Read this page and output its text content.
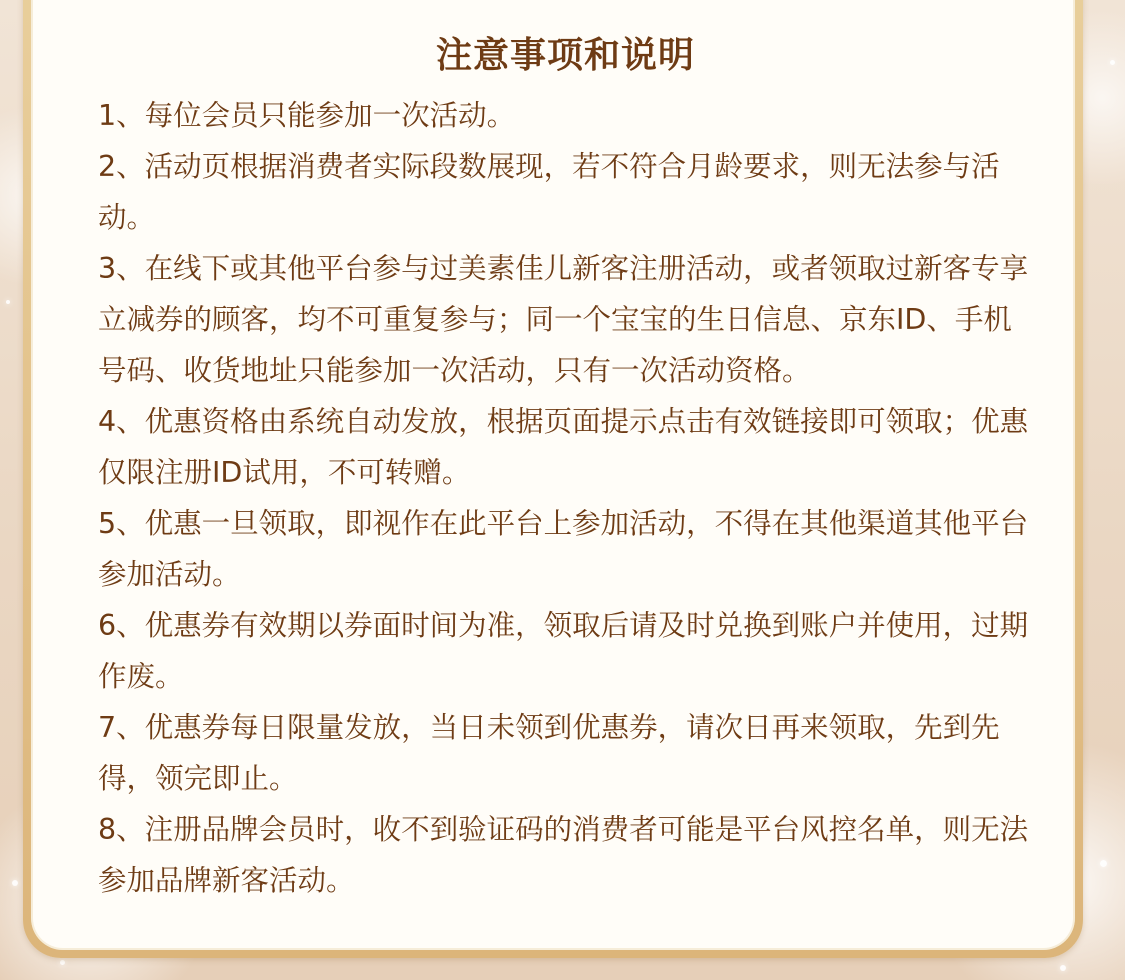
注意事项和说明
1、每位会员只能参加一次活动。
2、活动页根据消费者实际段数展现，若不符合月龄要求，则无法参与活动。
3、在线下或其他平台参与过美素佳儿新客注册活动，或者领取过新客专享立减券的顾客，均不可重复参与；同一个宝宝的生日信息、京东ID、手机号码、收货地址只能参加一次活动，只有一次活动资格。
4、优惠资格由系统自动发放，根据页面提示点击有效链接即可领取；优惠仅限注册ID试用，不可转赠。
5、优惠一旦领取，即视作在此平台上参加活动，不得在其他渠道其他平台参加活动。
6、优惠券有效期以券面时间为准，领取后请及时兑换到账户并使用，过期作废。
7、优惠券每日限量发放，当日未领到优惠券，请次日再来领取，先到先得，领完即止。
8、注册品牌会员时，收不到验证码的消费者可能是平台风控名单，则无法参加品牌新客活动。
